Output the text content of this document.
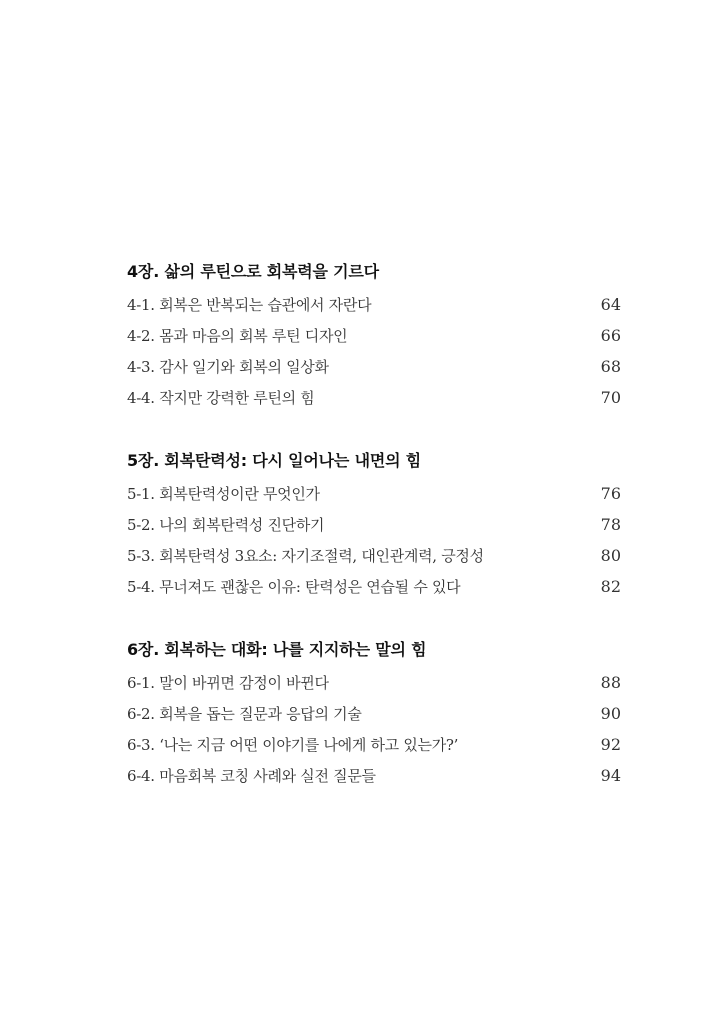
4장. 삶의 루틴으로 회복력을 기르다
4-1. 회복은 반복되는 습관에서 자란다	64
4-2. 몸과 마음의 회복 루틴 디자인	66
4-3. 감사 일기와 회복의 일상화	68
4-4. 작지만 강력한 루틴의 힘	70
5장. 회복탄력성: 다시 일어나는 내면의 힘
5-1. 회복탄력성이란 무엇인가	76
5-2. 나의 회복탄력성 진단하기	78
5-3. 회복탄력성 3요소: 자기조절력, 대인관계력, 긍정성	80
5-4. 무너져도 괜찮은 이유: 탄력성은 연습될 수 있다	82
6장. 회복하는 대화: 나를 지지하는 말의 힘
6-1. 말이 바뀌면 감정이 바뀐다	88
6-2. 회복을 돕는 질문과 응답의 기술	90
6-3. ‘나는 지금 어떤 이야기를 나에게 하고 있는가?’	92
6-4. 마음회복 코칭 사례와 실전 질문들	94
